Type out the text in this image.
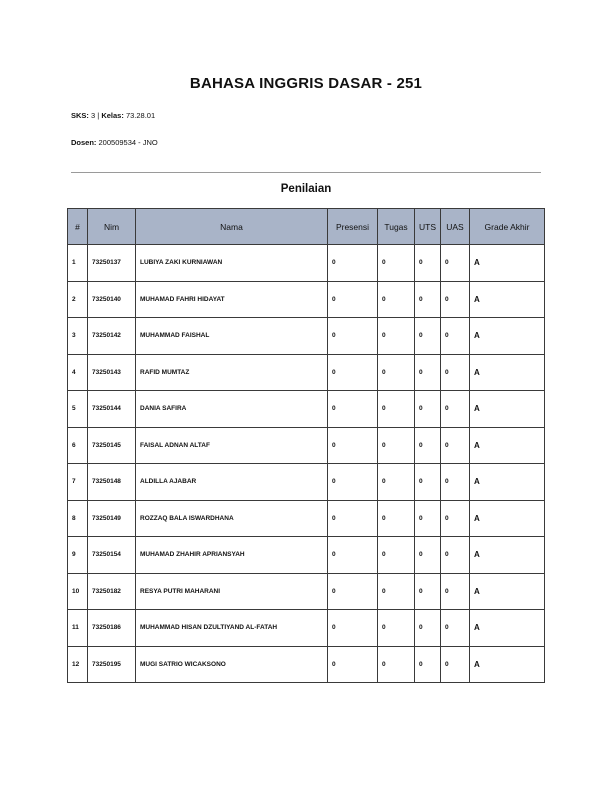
BAHASA INGGRIS DASAR - 251
SKS: 3 | Kelas: 73.28.01
Dosen: 200509534 - JNO
Penilaian
#	Nim	Nama	Presensi	Tugas	UTS	UAS	Grade Akhir
1	73250137	LUBIYA ZAKI KURNIAWAN	0	0	0	0	A
2	73250140	MUHAMAD FAHRI HIDAYAT	0	0	0	0	A
3	73250142	MUHAMMAD FAISHAL	0	0	0	0	A
4	73250143	RAFID MUMTAZ	0	0	0	0	A
5	73250144	DANIA SAFIRA	0	0	0	0	A
6	73250145	FAISAL ADNAN ALTAF	0	0	0	0	A
7	73250148	ALDILLA AJABAR	0	0	0	0	A
8	73250149	ROZZAQ BALA ISWARDHANA	0	0	0	0	A
9	73250154	MUHAMAD ZHAHIR APRIANSYAH	0	0	0	0	A
10	73250182	RESYA PUTRI MAHARANI	0	0	0	0	A
11	73250186	MUHAMMAD HISAN DZULTIYAND AL-FATAH	0	0	0	0	A
12	73250195	MUGI SATRIO WICAKSONO	0	0	0	0	A
